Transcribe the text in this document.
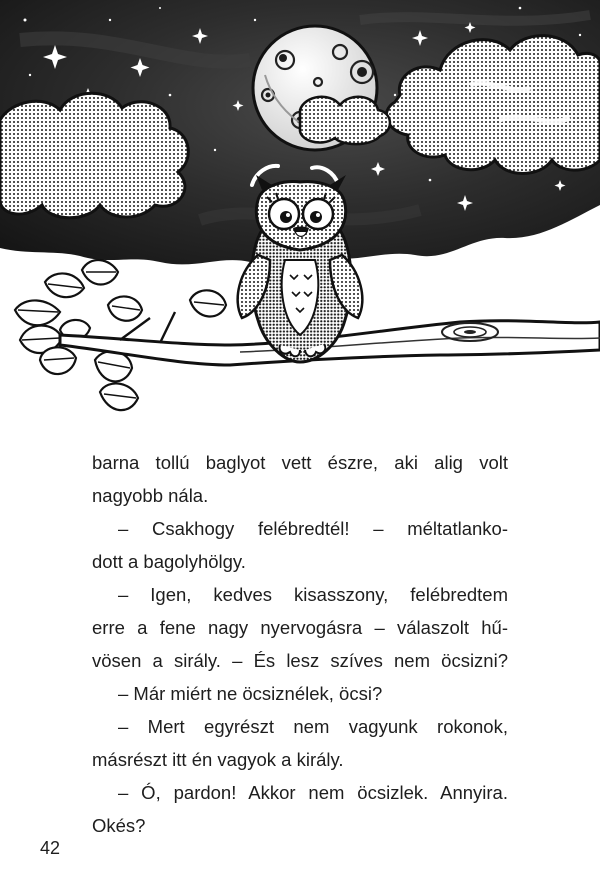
barna tollú baglyot vett észre, aki alig volt
nagyobb nála.

– Csakhogy felébredtél! – méltatlanko-
dott a bagolyhölgy.

– Igen, kedves kisasszony, felébredtem
erre a fene nagy nyervogásra – válaszolt hű-
vösen a sirály. – És lesz szíves nem öcsizni?

– Már miért ne öcsiznélek, öcsi?

– Mert egyrészt nem vagyunk rokonok,
másrészt itt én vagyok a király.

– Ó, pardon! Akkor nem öcsizlek. Annyira.
Okés?

42
